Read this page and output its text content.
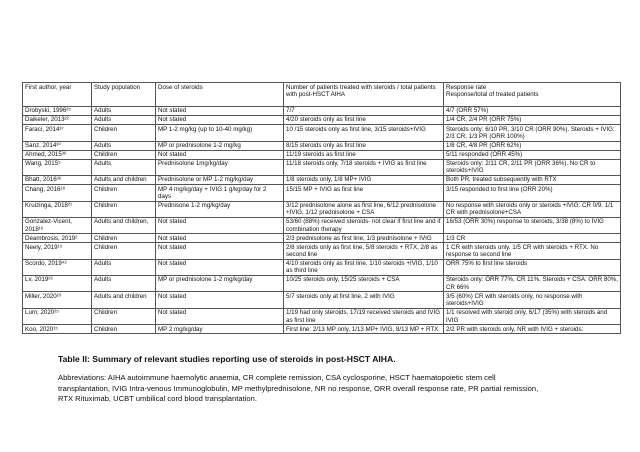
First author, year	Study population	Dose of steroids	Number of patients treated with steroids / total patients with post-HSCT AIHA	Response rate
Response/total of treated patients
Drobyski, 1996³⁵	Adults	Not stated	7/7	4/7 (ORR 57%)
Daikeler, 2013²²	Adults	Not stated	4/20 steroids only as first line	1/4 CR, 2/4 PR (ORR 75%)
Faraci, 2014³⁷	Children	MP 1-2 mg/kg (up to 10-40 mg/kg)	10 /15 steroids only as first line, 3/15 steroids+IVIG	Steroids only: 6/10 PR, 3/10 CR (ORR 90%). Steroids + IVIG: 2/3 CR, 1/3 PR (ORR 100%)
Sanz, 2014³⁰	Adults	MP or prednisolone 1-2 mg/kg	8/15 steroids only as first line	1/8 CR, 4/8 PR (ORR 62%)
Ahmed, 2015³⁶	Children	Not stated	11/19 steroids as first line	5/11 responded (ORR 45%)
Wang, 2015⁵	Adults	Prednisolone 1mg/kg/day	11/18 steroids only, 7/18 steroids + IVIG as first line	Steroids only: 2/11 CR, 2/11 PR (ORR 36%). No CR to steroids+IVIG
Bhatt, 2016³⁶	Adults and children	Prednisolone or MP 1-2 mg/kg/day	1/8 steroids only, 1/8 MP+ IVIG	Both PR, treated subsequently with RTX
Chang, 2016²⁸	Children	MP 4 mg/kg/day + IVIG 1 g/kg/day for 2 days	15/15 MP + IVIG as first line	3/15 responded to first line (ORR 20%)
Kruizinga, 2018²¹	Children	Prednisone 1-2 mg/kg/day	3/12 prednisolone alone as first line, 6/12 prednisolone +IVIG, 1/12 prednisolone + CSA	No response with steroids only or steroids +IVIG: CR 0/9. 1/1 CR with prednisolone+CSA
Gonzalez-Vicent, 2018¹⁶	Adults and children,	Not stated	53/60 (88%) received steroids- not clear if first line and if combination therapy	16/53 (ORR 30%) response to steroids, 3/38 (8%) to IVIG
Deambrosis, 2019²	Children	Not stated	2/3 prednisolone as first line, 1/3 prednisolone + IVIG	1/3 CR
Neely, 2019¹⁹	Children	Not stated	2/8 steroids only as first line, 5/8 steroids + RTX, 2/8 as second line	1 CR with steroids only. 1/5 CR with steroids + RTX. No response to second line
Scordo, 2019⁴²	Adults	Not stated	4/10 steroids only as first line, 1/10 steroids +IVIG, 1/10 as third line	ORR 75% to first line steroids
Lv, 2019²⁶	Adults	MP or prednisolone 1-2 mg/kg/day	10/25 steroids only, 15/25 steroids + CSA	Steroids only: ORR 77%, CR 11%. Steroids + CSA: ORR 80%, CR 66%
Miller, 2020²⁹	Adults and children	Not stated	5/7 steroids only at first line, 2 with IVIG	3/5 (60%) CR with steroids only, no response with steroids+IVIG
Lum, 2020²⁵	Children	Not stated	1/19 had only steroids, 17/19 received steroids and IVIG as first line	1/1 resolved with steroid only, 6/17 (35%) with steroids and IVIG
Koo, 2020¹⁵	Children	MP 2 mg/kg/day	First line: 2/13 MP only, 1/13 MP+ IVIG, 8/13 MP + RTX	2/2 PR with steroids only, NR with IVIG + steroids:
Table II: Summary of relevant studies reporting use of steroids in post-HSCT AIHA.
Abbreviations: AIHA autoimmune haemolytic anaemia, CR complete remission, CSA cyclosporine, HSCT haematopoietic stem cell
transplantation, IVIG Intra-venous Immunoglobulin, MP methylprednisolone, NR no response, ORR overall response rate, PR partial remission,
RTX Rituximab, UCBT umbilical cord blood transplantation.
